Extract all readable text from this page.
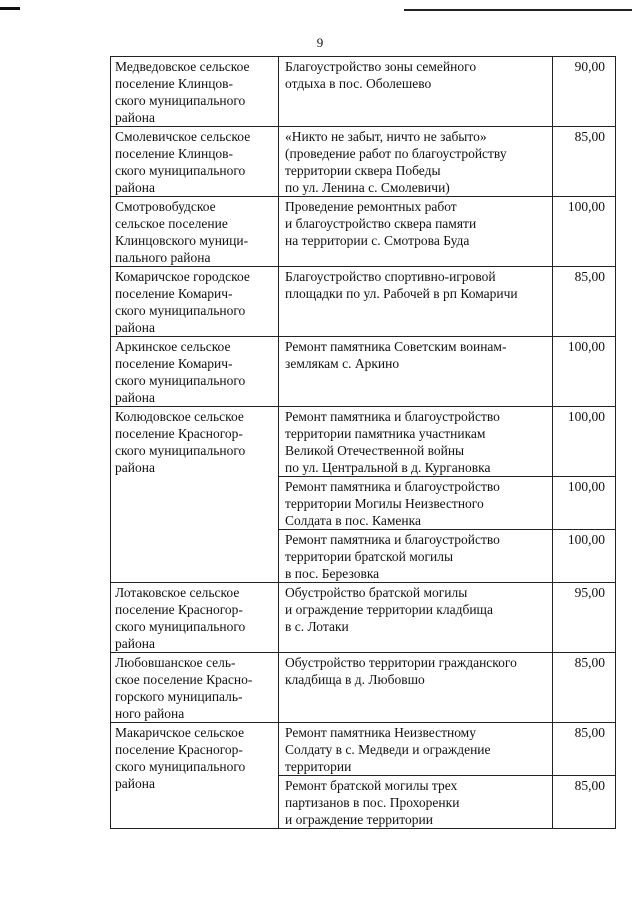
9
Медведовское сельское
поселение Клинцов-
ского муниципального
района	Благоустройство зоны семейного
отдыха в пос. Оболешево	90,00

Смолевичское сельское
поселение Клинцов-
ского муниципального
района	«Никто не забыт, ничто не забыто»
(проведение работ по благоустройству
территории сквера Победы
по ул. Ленина с. Смолевичи)	85,00

Смотровобудское
сельское поселение
Клинцовского муници-
пального района	Проведение ремонтных работ
и благоустройство сквера памяти
на территории с. Смотрова Буда	100,00

Комаричское городское
поселение Комарич-
ского муниципального
района	Благоустройство спортивно-игровой
площадки по ул. Рабочей в рп Комаричи	85,00

Аркинское сельское
поселение Комарич-
ского муниципального
района	Ремонт памятника Советским воинам-
землякам с. Аркино	100,00

Колюдовское сельское
поселение Красногор-
ского муниципального
района	Ремонт памятника и благоустройство
территории памятника участникам
Великой Отечественной войны
по ул. Центральной в д. Кургановка	100,00

	Ремонт памятника и благоустройство
территории Могилы Неизвестного
Солдата в пос. Каменка	100,00

	Ремонт памятника и благоустройство
территории братской могилы
в пос. Березовка	100,00

Лотаковское сельское
поселение Красногор-
ского муниципального
района	Обустройство братской могилы
и ограждение территории кладбища
в с. Лотаки	95,00

Любовшанское сель-
ское поселение Красно-
горского муниципаль-
ного района	Обустройство территории гражданского
кладбища в д. Любовшо	85,00

Макаричское сельское
поселение Красногор-
ского муниципального
района	Ремонт памятника Неизвестному
Солдату в с. Медведи и ограждение
территории	85,00

	Ремонт братской могилы трех
партизанов в пос. Прохоренки
и ограждение территории	85,00
